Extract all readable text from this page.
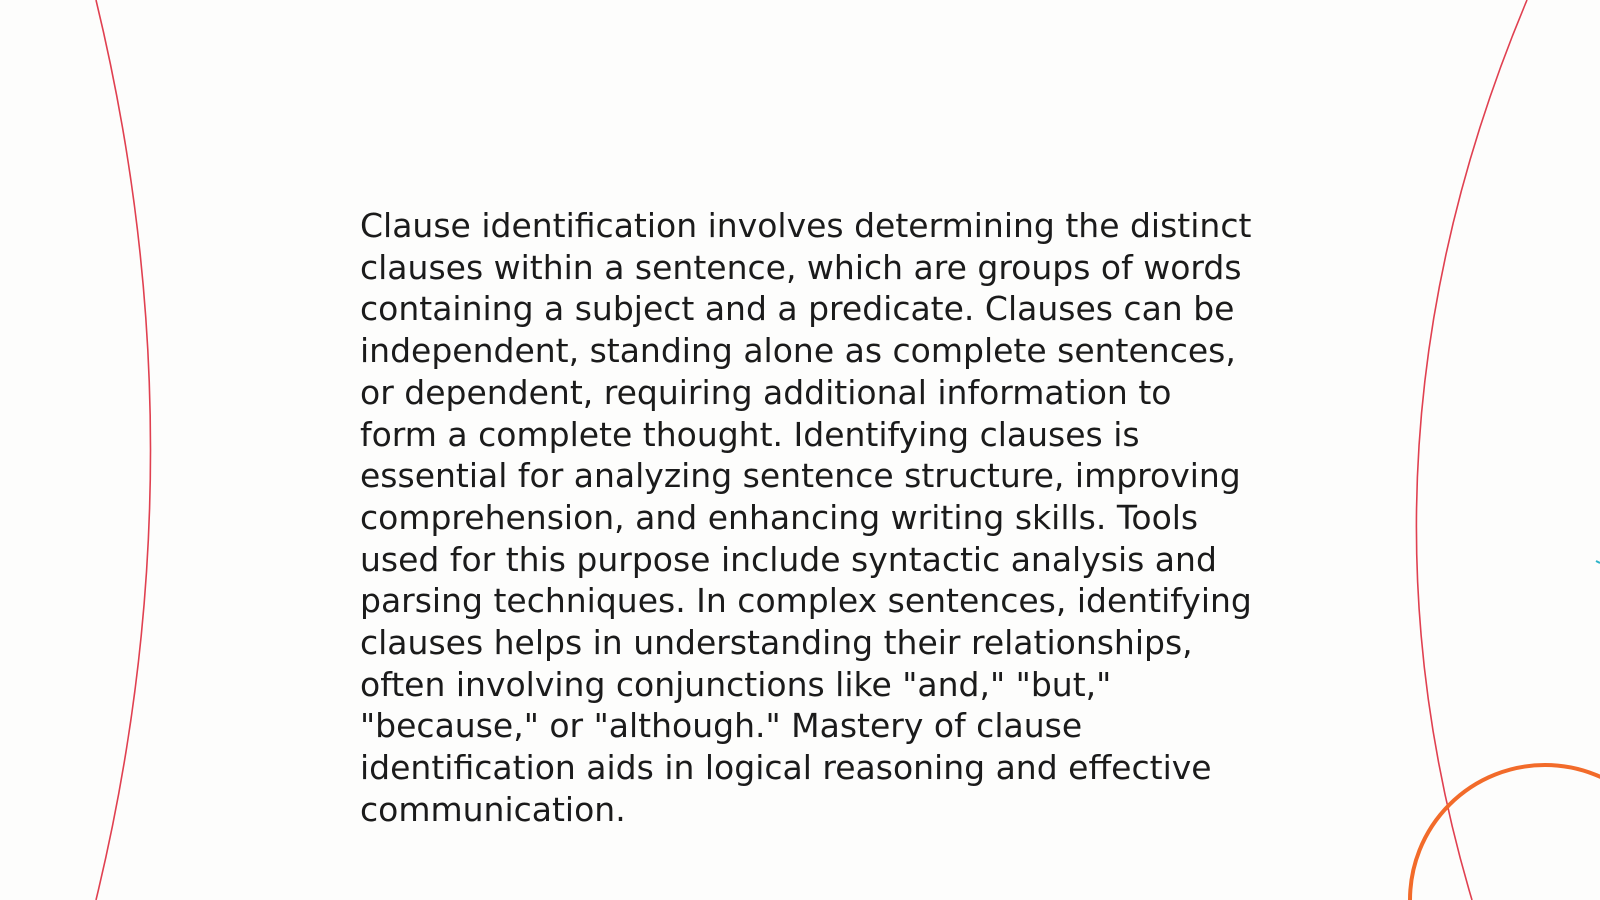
Clause identification involves determining the distinct
clauses within a sentence, which are groups of words
containing a subject and a predicate. Clauses can be
independent, standing alone as complete sentences,
or dependent, requiring additional information to
form a complete thought. Identifying clauses is
essential for analyzing sentence structure, improving
comprehension, and enhancing writing skills. Tools
used for this purpose include syntactic analysis and
parsing techniques. In complex sentences, identifying
clauses helps in understanding their relationships,
often involving conjunctions like "and," "but,"
"because," or "although." Mastery of clause
identification aids in logical reasoning and effective
communication.
